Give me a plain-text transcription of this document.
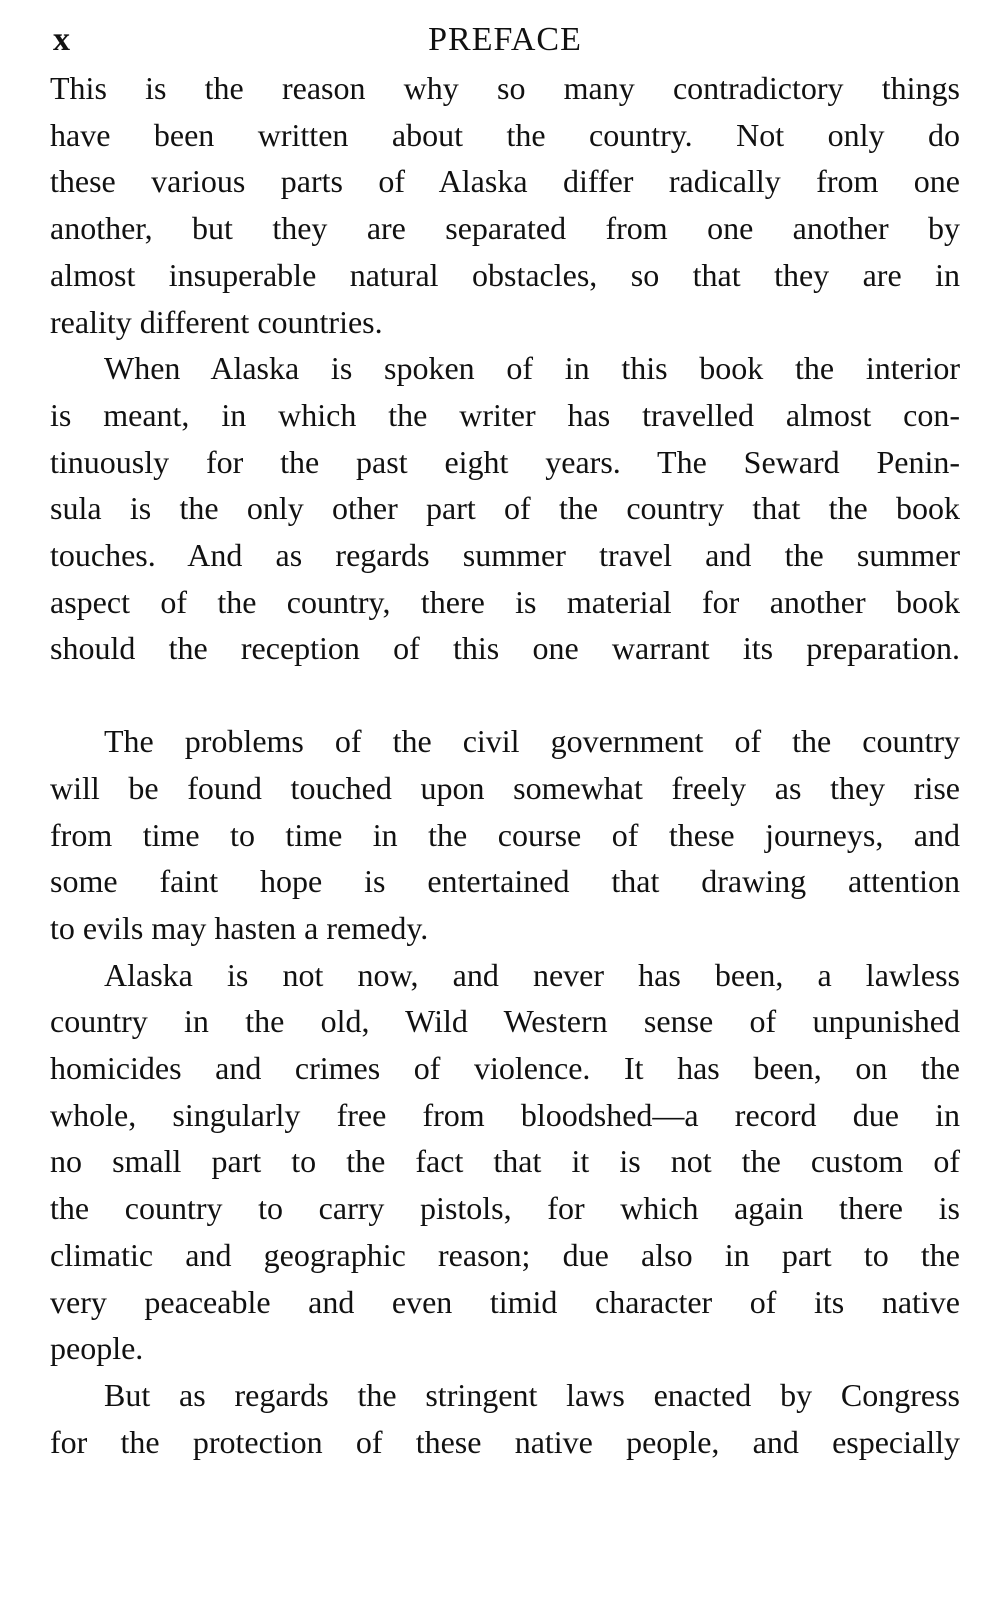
x	PREFACE

This is the reason why so many contradictory things
have been written about the country. Not only do
these various parts of Alaska differ radically from one
another, but they are separated from one another by
almost insuperable natural obstacles, so that they are in
reality different countries.

When Alaska is spoken of in this book the interior
is meant, in which the writer has travelled almost con-
tinuously for the past eight years. The Seward Penin-
sula is the only other part of the country that the book
touches. And as regards summer travel and the summer
aspect of the country, there is material for another book
should the reception of this one warrant its preparation.

The problems of the civil government of the country
will be found touched upon somewhat freely as they rise
from time to time in the course of these journeys, and
some faint hope is entertained that drawing attention
to evils may hasten a remedy.

Alaska is not now, and never has been, a lawless
country in the old, Wild Western sense of unpunished
homicides and crimes of violence. It has been, on the
whole, singularly free from bloodshed—a record due in
no small part to the fact that it is not the custom of
the country to carry pistols, for which again there is
climatic and geographic reason; due also in part to the
very peaceable and even timid character of its native
people.

But as regards the stringent laws enacted by Congress
for the protection of these native people, and especially
